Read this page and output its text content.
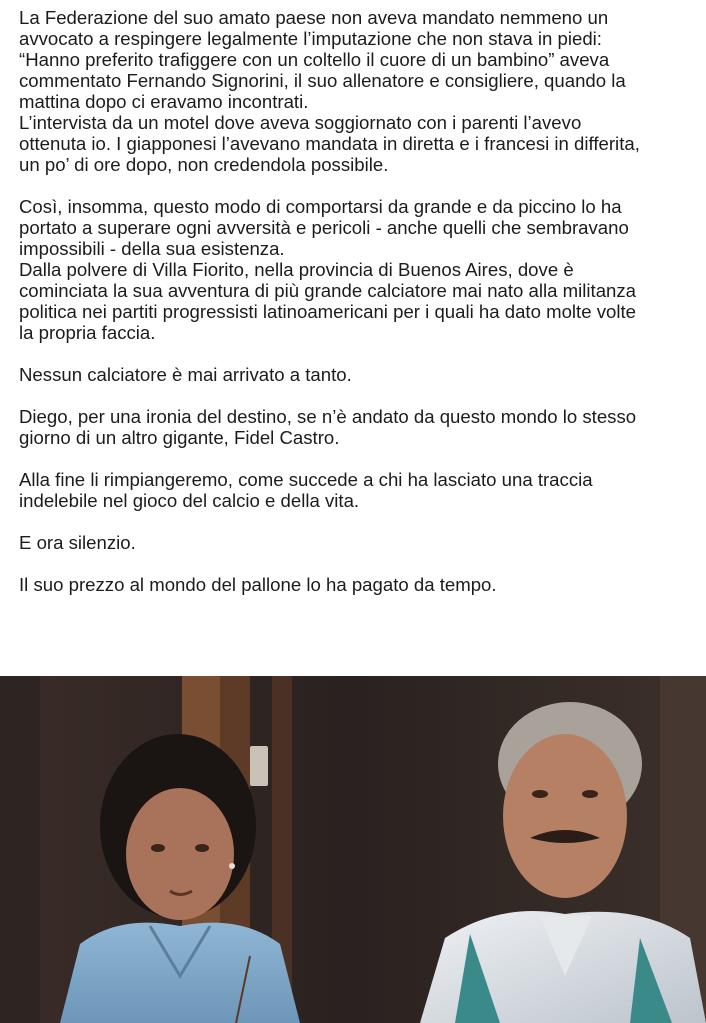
La Federazione del suo amato paese non aveva mandato nemmeno un
avvocato a respingere legalmente l’imputazione che non stava in piedi:
“Hanno preferito trafiggere con un coltello il cuore di un bambino” aveva
commentato Fernando Signorini, il suo allenatore e consigliere, quando la
mattina dopo ci eravamo incontrati.
L’intervista da un motel dove aveva soggiornato con i parenti l’avevo
ottenuta io. I giapponesi l’avevano mandata in diretta e i francesi in differita,
un po’ di ore dopo, non credendola possibile.
Così, insomma, questo modo di comportarsi da grande e da piccino lo ha
portato a superare ogni avversità e pericoli - anche quelli che sembravano
impossibili - della sua esistenza.
Dalla polvere di Villa Fiorito, nella provincia di Buenos Aires, dove è
cominciata la sua avventura di più grande calciatore mai nato alla militanza
politica nei partiti progressisti latinoamericani per i quali ha dato molte volte
la propria faccia.
Nessun calciatore è mai arrivato a tanto.
Diego, per una ironia del destino, se n’è andato da questo mondo lo stesso
giorno di un altro gigante, Fidel Castro.
Alla fine li rimpiangeremo, come succede a chi ha lasciato una traccia
indelebile nel gioco del calcio e della vita.
E ora silenzio.
Il suo prezzo al mondo del pallone lo ha pagato da tempo.
